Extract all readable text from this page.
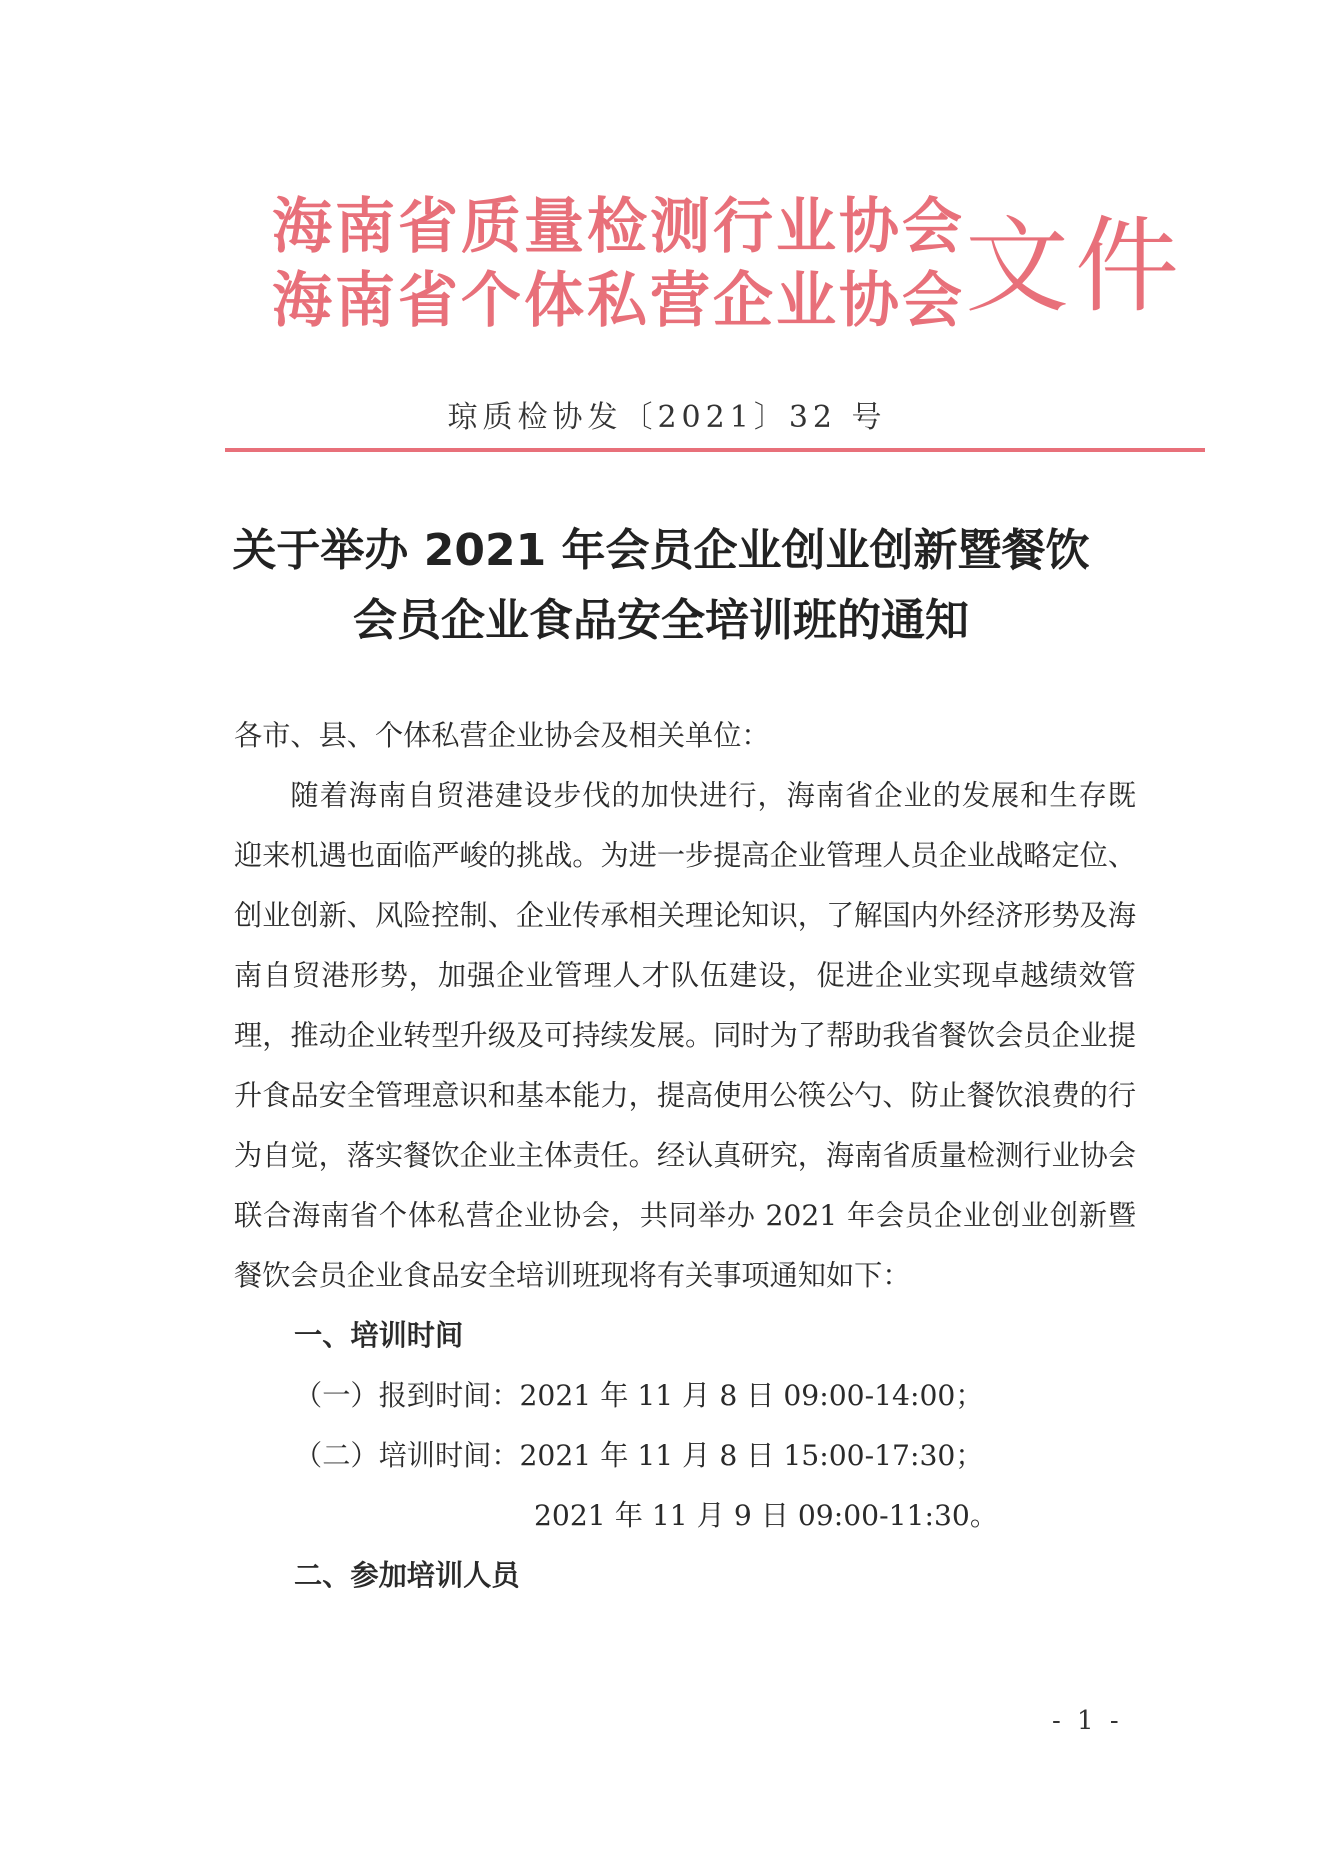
海南省质量检测行业协会
海南省个体私营企业协会 文件
琼质检协发〔2021〕32 号
关于举办 2021 年会员企业创业创新暨餐饮
会员企业食品安全培训班的通知

各市、县、个体私营企业协会及相关单位：

随着海南自贸港建设步伐的加快进行，海南省企业的发展和生存既迎来机遇也面临严峻的挑战。为进一步提高企业管理人员企业战略定位、创业创新、风险控制、企业传承相关理论知识，了解国内外经济形势及海南自贸港形势，加强企业管理人才队伍建设，促进企业实现卓越绩效管理，推动企业转型升级及可持续发展。同时为了帮助我省餐饮会员企业提升食品安全管理意识和基本能力，提高使用公筷公勺、防止餐饮浪费的行为自觉，落实餐饮企业主体责任。经认真研究，海南省质量检测行业协会联合海南省个体私营企业协会，共同举办 2021 年会员企业创业创新暨餐饮会员企业食品安全培训班现将有关事项通知如下：

一、培训时间

（一）报到时间：2021 年 11 月 8 日 09:00-14:00；

（二）培训时间：2021 年 11 月 8 日 15:00-17:30；

2021 年 11 月 9 日 09:00-11:30。

二、参加培训人员

- 1 -
